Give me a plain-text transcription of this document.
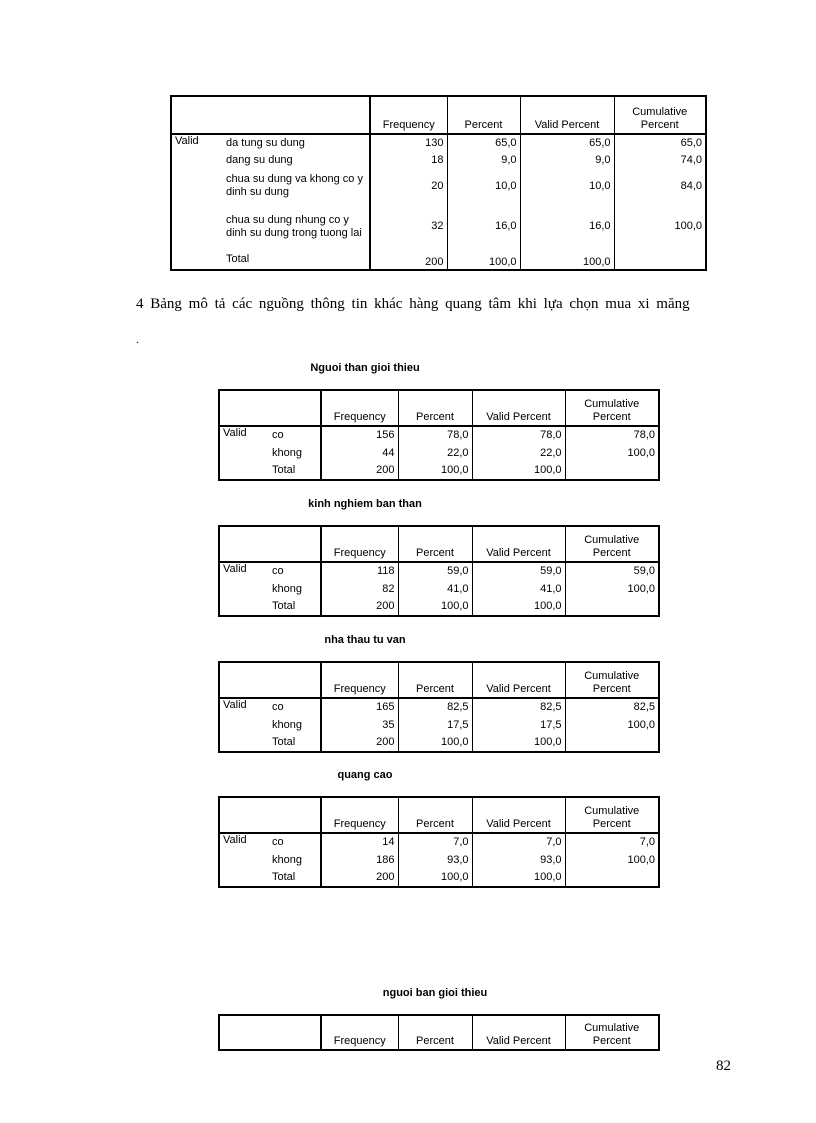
		Frequency	Percent	Valid Percent	Cumulative
Percent
Valid	da tung su dung	130	65,0	65,0	65,0
	dang su dung	18	9,0	9,0	74,0
	chua su dung va khong co y dinh su dung	20	10,0	10,0	84,0
	chua su dung nhung co y dinh su dung trong tuong lai	32	16,0	16,0	100,0
	Total	200	100,0	100,0	
4 Bảng mô tả các nguồng thông tin khác hàng quang tâm khi lựa chọn mua xi măng
.
Nguoi than gioi thieu
		Frequency	Percent	Valid Percent	Cumulative
Percent
Valid	co	156	78,0	78,0	78,0
	khong	44	22,0	22,0	100,0
	Total	200	100,0	100,0	
kinh nghiem ban than
		Frequency	Percent	Valid Percent	Cumulative
Percent
Valid	co	118	59,0	59,0	59,0
	khong	82	41,0	41,0	100,0
	Total	200	100,0	100,0	
nha thau tu van
		Frequency	Percent	Valid Percent	Cumulative
Percent
Valid	co	165	82,5	82,5	82,5
	khong	35	17,5	17,5	100,0
	Total	200	100,0	100,0	
quang cao
		Frequency	Percent	Valid Percent	Cumulative
Percent
Valid	co	14	7,0	7,0	7,0
	khong	186	93,0	93,0	100,0
	Total	200	100,0	100,0	
nguoi ban gioi thieu
	Frequency	Percent	Valid Percent	Cumulative
Percent
82
